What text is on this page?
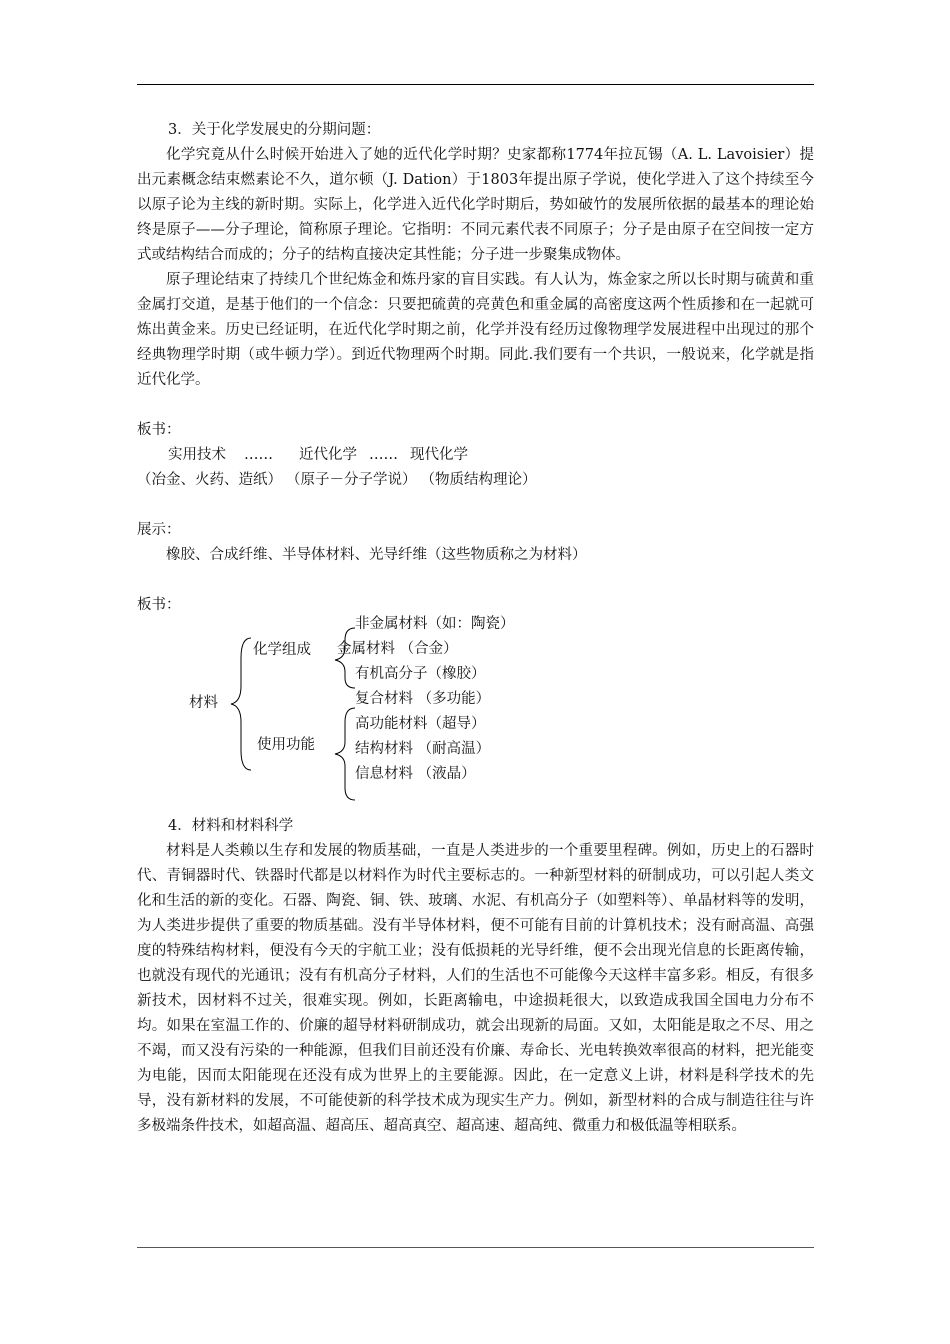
3．关于化学发展史的分期问题：

化学究竟从什么时候开始进入了她的近代化学时期？史家都称1774年拉瓦锡（A. L. Lavoisier）提出元素概念结束燃素论不久，道尔顿（J. Dation）于1803年提出原子学说，使化学进入了这个持续至今以原子论为主线的新时期。实际上，化学进入近代化学时期后，势如破竹的发展所依据的最基本的理论始终是原子——分子理论，简称原子理论。它指明：不同元素代表不同原子；分子是由原子在空间按一定方式或结构结合而成的；分子的结构直接决定其性能；分子进一步聚集成物体。

原子理论结束了持续几个世纪炼金和炼丹家的盲目实践。有人认为，炼金家之所以长时期与硫黄和重金属打交道，是基于他们的一个信念：只要把硫黄的亮黄色和重金属的高密度这两个性质掺和在一起就可炼出黄金来。历史已经证明，在近代化学时期之前，化学并没有经历过像物理学发展进程中出现过的那个经典物理学时期（或牛顿力学）。到近代物理两个时期。同此.我们要有一个共识，一般说来，化学就是指近代化学。

板书：

实用技术 …… 近代化学 …… 现代化学
（冶金、火药、造纸） （原子－分子学说） （物质结构理论）

展示：

橡胶、合成纤维、半导体材料、光导纤维（这些物质称之为材料）

板书：

材料
化学组成
使用功能
非金属材料（如：陶瓷）
金属材料 （合金）
有机高分子（橡胶）
复合材料 （多功能）
高功能材料（超导）
结构材料 （耐高温）
信息材料 （液晶）

4．材料和材料科学

材料是人类赖以生存和发展的物质基础，一直是人类进步的一个重要里程碑。例如，历史上的石器时代、青铜器时代、铁器时代都是以材料作为时代主要标志的。一种新型材料的研制成功，可以引起人类文化和生活的新的变化。石器、陶瓷、铜、铁、玻璃、水泥、有机高分子（如塑料等）、单晶材料等的发明，为人类进步提供了重要的物质基础。没有半导体材料，便不可能有目前的计算机技术；没有耐高温、高强度的特殊结构材料，便没有今天的宇航工业；没有低损耗的光导纤维，便不会出现光信息的长距离传输，也就没有现代的光通讯；没有有机高分子材料，人们的生活也不可能像今天这样丰富多彩。相反，有很多新技术，因材料不过关，很难实现。例如，长距离输电，中途损耗很大，以致造成我国全国电力分布不均。如果在室温工作的、价廉的超导材料研制成功，就会出现新的局面。又如，太阳能是取之不尽、用之不竭，而又没有污染的一种能源，但我们目前还没有价廉、寿命长、光电转换效率很高的材料，把光能变为电能，因而太阳能现在还没有成为世界上的主要能源。因此，在一定意义上讲，材料是科学技术的先导，没有新材料的发展，不可能使新的科学技术成为现实生产力。例如，新型材料的合成与制造往往与许多极端条件技术，如超高温、超高压、超高真空、超高速、超高纯、微重力和极低温等相联系。
